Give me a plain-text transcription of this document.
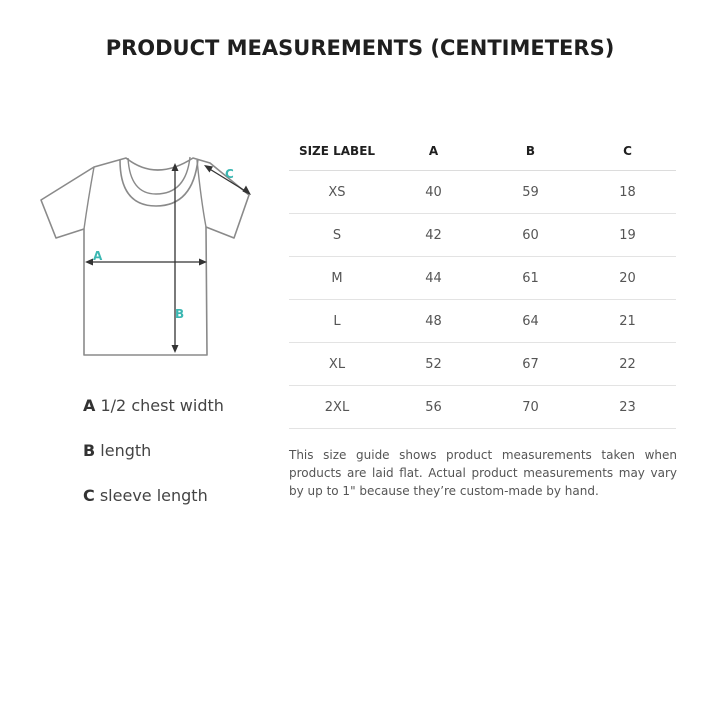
PRODUCT MEASUREMENTS (CENTIMETERS)
A
B
C
A 1/2 chest width
B length
C sleeve length
SIZE LABEL	A	B	C
XS	40	59	18
S	42	60	19
M	44	61	20
L	48	64	21
XL	52	67	22
2XL	56	70	23
This size guide shows product measurements taken when products are laid flat. Actual product measurements may vary by up to 1" because they’re custom-made by hand.
